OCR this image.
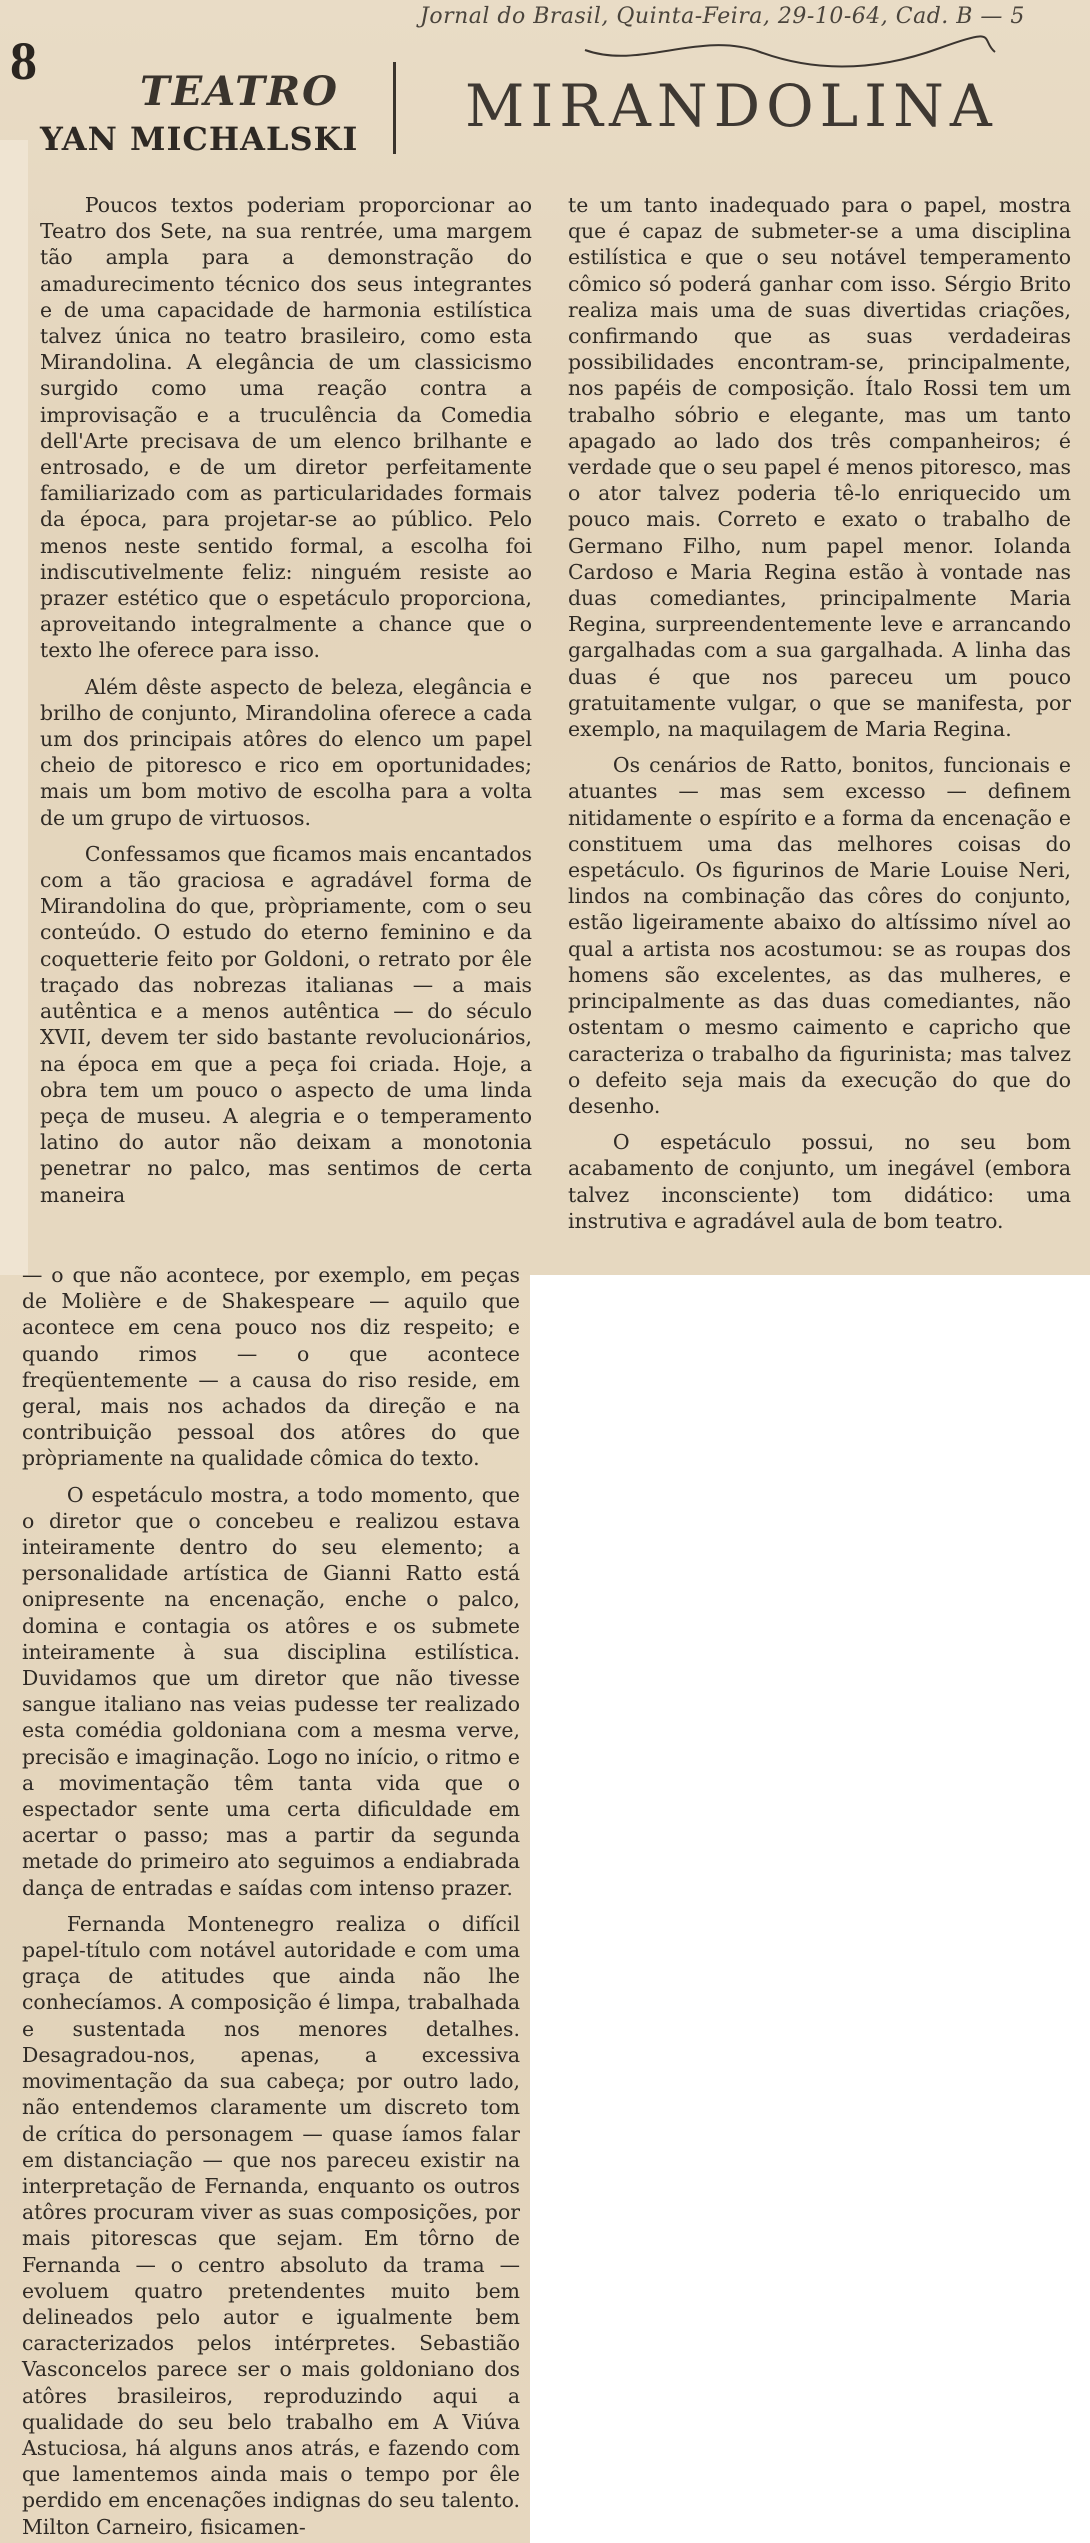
Jornal do Brasil, Quinta-Feira, 29-10-64, Cad. B — 5
8
TEATRO
YAN MICHALSKI MIRANDOLINA

Poucos textos poderiam proporcionar ao Teatro dos Sete, na sua rentrée, uma margem tão ampla para a demonstração do amadurecimento técnico dos seus integrantes e de uma capacidade de harmonia estilística talvez única no teatro brasileiro, como esta Mirandolina. A elegância de um classicismo surgido como uma reação contra a improvisação e a truculência da Comedia dell'Arte precisava de um elenco brilhante e entrosado, e de um diretor perfeitamente familiarizado com as particularidades formais da época, para projetar-se ao público. Pelo menos neste sentido formal, a escolha foi indiscutivelmente feliz: ninguém resiste ao prazer estético que o espetáculo proporciona, aproveitando integralmente a chance que o texto lhe oferece para isso.

Além dêste aspecto de beleza, elegância e brilho de conjunto, Mirandolina oferece a cada um dos principais atôres do elenco um papel cheio de pitoresco e rico em oportunidades; mais um bom motivo de escolha para a volta de um grupo de virtuosos.

Confessamos que ficamos mais encantados com a tão graciosa e agradável forma de Mirandolina do que, pròpriamente, com o seu conteúdo. O estudo do eterno feminino e da coquetterie feito por Goldoni, o retrato por êle traçado das nobrezas italianas — a mais autêntica e a menos autêntica — do século XVII, devem ter sido bastante revolucionários, na época em que a peça foi criada. Hoje, a obra tem um pouco o aspecto de uma linda peça de museu. A alegria e o temperamento latino do autor não deixam a monotonia penetrar no palco, mas sentimos de certa maneira

te um tanto inadequado para o papel, mostra que é capaz de submeter-se a uma disciplina estilística e que o seu notável temperamento cômico só poderá ganhar com isso. Sérgio Brito realiza mais uma de suas divertidas criações, confirmando que as suas verdadeiras possibilidades encontram-se, principalmente, nos papéis de composição. Ítalo Rossi tem um trabalho sóbrio e elegante, mas um tanto apagado ao lado dos três companheiros; é verdade que o seu papel é menos pitoresco, mas o ator talvez poderia tê-lo enriquecido um pouco mais. Correto e exato o trabalho de Germano Filho, num papel menor. Iolanda Cardoso e Maria Regina estão à vontade nas duas comediantes, principalmente Maria Regina, surpreendentemente leve e arrancando gargalhadas com a sua gargalhada. A linha das duas é que nos pareceu um pouco gratuitamente vulgar, o que se manifesta, por exemplo, na maquilagem de Maria Regina.

Os cenários de Ratto, bonitos, funcionais e atuantes — mas sem excesso — definem nitidamente o espírito e a forma da encenação e constituem uma das melhores coisas do espetáculo. Os figurinos de Marie Louise Neri, lindos na combinação das côres do conjunto, estão ligeiramente abaixo do altíssimo nível ao qual a artista nos acostumou: se as roupas dos homens são excelentes, as das mulheres, e principalmente as das duas comediantes, não ostentam o mesmo caimento e capricho que caracteriza o trabalho da figurinista; mas talvez o defeito seja mais da execução do que do desenho.

O espetáculo possui, no seu bom acabamento de conjunto, um inegável (embora talvez inconsciente) tom didático: uma instrutiva e agradável aula de bom teatro.

— o que não acontece, por exemplo, em peças de Molière e de Shakespeare — aquilo que acontece em cena pouco nos diz respeito; e quando rimos — o que acontece freqüentemente — a causa do riso reside, em geral, mais nos achados da direção e na contribuição pessoal dos atôres do que pròpriamente na qualidade cômica do texto.

O espetáculo mostra, a todo momento, que o diretor que o concebeu e realizou estava inteiramente dentro do seu elemento; a personalidade artística de Gianni Ratto está onipresente na encenação, enche o palco, domina e contagia os atôres e os submete inteiramente à sua disciplina estilística. Duvidamos que um diretor que não tivesse sangue italiano nas veias pudesse ter realizado esta comédia goldoniana com a mesma verve, precisão e imaginação. Logo no início, o ritmo e a movimentação têm tanta vida que o espectador sente uma certa dificuldade em acertar o passo; mas a partir da segunda metade do primeiro ato seguimos a endiabrada dança de entradas e saídas com intenso prazer.

Fernanda Montenegro realiza o difícil papel-título com notável autoridade e com uma graça de atitudes que ainda não lhe conhecíamos. A composição é limpa, trabalhada e sustentada nos menores detalhes. Desagradou-nos, apenas, a excessiva movimentação da sua cabeça; por outro lado, não entendemos claramente um discreto tom de crítica do personagem — quase íamos falar em distanciação — que nos pareceu existir na interpretação de Fernanda, enquanto os outros atôres procuram viver as suas composições, por mais pitorescas que sejam. Em tôrno de Fernanda — o centro absoluto da trama — evoluem quatro pretendentes muito bem delineados pelo autor e igualmente bem caracterizados pelos intérpretes. Sebastião Vasconcelos parece ser o mais goldoniano dos atôres brasileiros, reproduzindo aqui a qualidade do seu belo trabalho em A Viúva Astuciosa, há alguns anos atrás, e fazendo com que lamentemos ainda mais o tempo por êle perdido em encenações indignas do seu talento. Milton Carneiro, fisicamen-
